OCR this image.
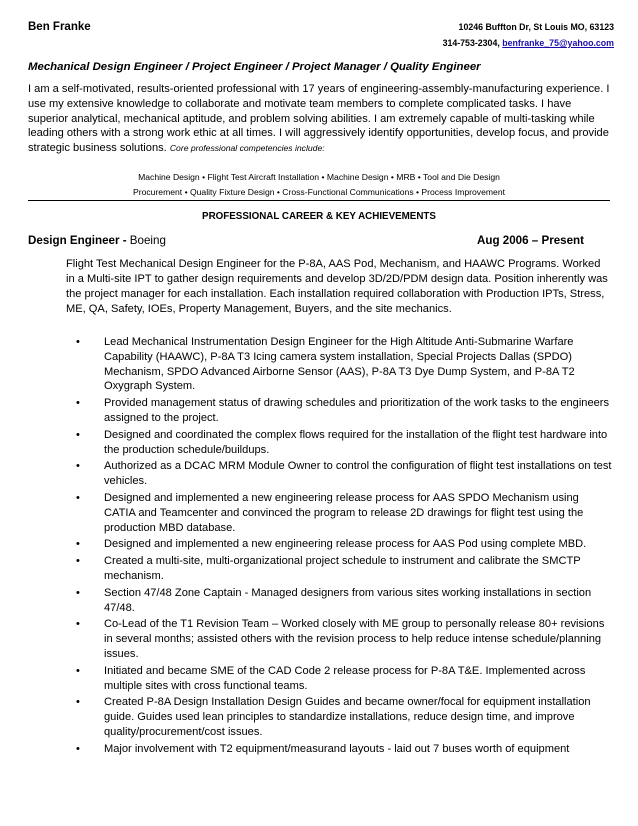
Ben Franke	10246 Buffton Dr, St Louis MO, 63123
314-753-2304, benfranke_75@yahoo.com
Mechanical Design Engineer / Project Engineer / Project Manager / Quality Engineer
I am a self-motivated, results-oriented professional with 17 years of engineering-assembly-manufacturing experience. I use my extensive knowledge to collaborate and motivate team members to complete complicated tasks. I have superior analytical, mechanical aptitude, and problem solving abilities. I am extremely capable of multi-tasking while leading others with a strong work ethic at all times. I will aggressively identify opportunities, develop focus, and provide strategic business solutions. Core professional competencies include:
Machine Design • Flight Test Aircraft Installation • Machine Design • MRB • Tool and Die Design
Procurement • Quality Fixture Design • Cross-Functional Communications • Process Improvement
PROFESSIONAL CAREER & KEY ACHIEVEMENTS
Design Engineer - Boeing	Aug 2006 – Present
Flight Test Mechanical Design Engineer for the P-8A, AAS Pod, Mechanism, and HAAWC Programs. Worked in a Multi-site IPT to gather design requirements and develop 3D/2D/PDM design data. Position inherently was the project manager for each installation. Each installation required collaboration with Production IPTs, Stress, ME, QA, Safety, IOEs, Property Management, Buyers, and the site mechanics.
• Lead Mechanical Instrumentation Design Engineer for the High Altitude Anti-Submarine Warfare Capability (HAAWC), P-8A T3 Icing camera system installation, Special Projects Dallas (SPDO) Mechanism, SPDO Advanced Airborne Sensor (AAS), P-8A T3 Dye Dump System, and P-8A T2 Oxygraph System.
• Provided management status of drawing schedules and prioritization of the work tasks to the engineers assigned to the project.
• Designed and coordinated the complex flows required for the installation of the flight test hardware into the production schedule/buildups.
• Authorized as a DCAC MRM Module Owner to control the configuration of flight test installations on test vehicles.
• Designed and implemented a new engineering release process for AAS SPDO Mechanism using CATIA and Teamcenter and convinced the program to release 2D drawings for flight test using the production MBD database.
• Designed and implemented a new engineering release process for AAS Pod using complete MBD.
• Created a multi-site, multi-organizational project schedule to instrument and calibrate the SMCTP mechanism.
• Section 47/48 Zone Captain - Managed designers from various sites working installations in section 47/48.
• Co-Lead of the T1 Revision Team – Worked closely with ME group to personally release 80+ revisions in several months; assisted others with the revision process to help reduce intense schedule/planning issues.
• Initiated and became SME of the CAD Code 2 release process for P-8A T&E. Implemented across multiple sites with cross functional teams.
• Created P-8A Design Installation Design Guides and became owner/focal for equipment installation guide. Guides used lean principles to standardize installations, reduce design time, and improve quality/procurement/cost issues.
• Major involvement with T2 equipment/measurand layouts - laid out 7 buses worth of equipment
